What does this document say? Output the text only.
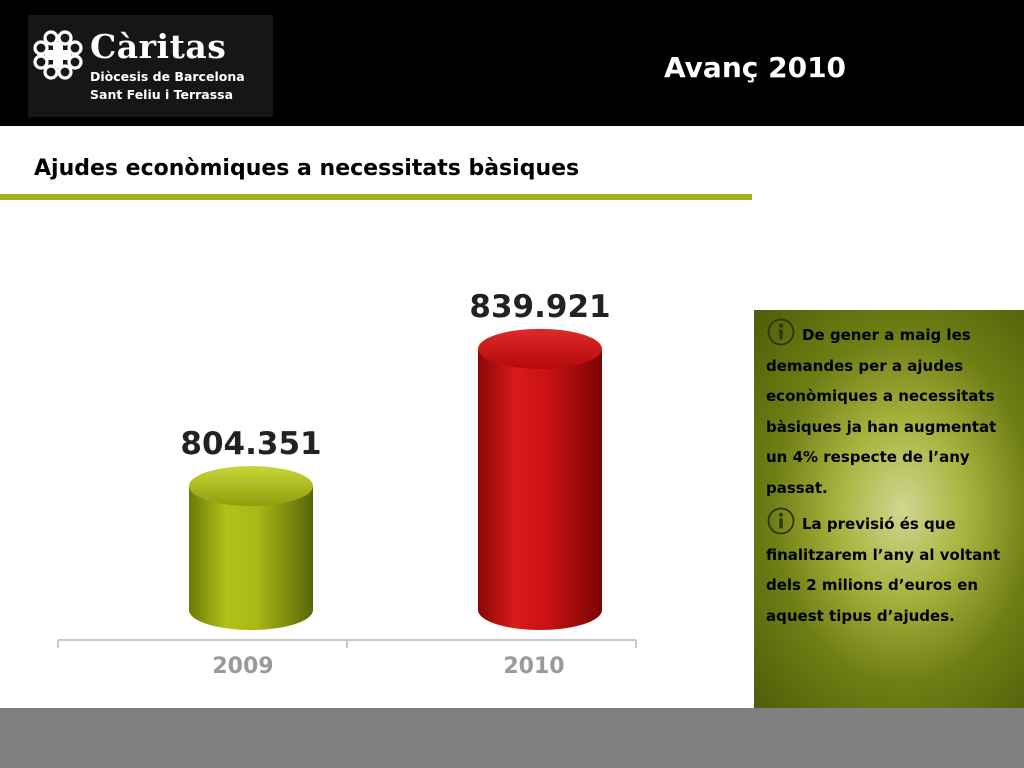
Càritas
Diòcesis de Barcelona
Sant Feliu i Terrassa
Avanç 2010
Ajudes econòmiques a necessitats bàsiques
804.351
2009
839.921
2010

De gener a maig les demandes per a ajudes econòmiques a necessitats bàsiques ja han augmentat un 4% respecte de l’any passat.

La previsió és que finalitzarem l’any al voltant dels 2 milions d’euros en aquest tipus d’ajudes.
